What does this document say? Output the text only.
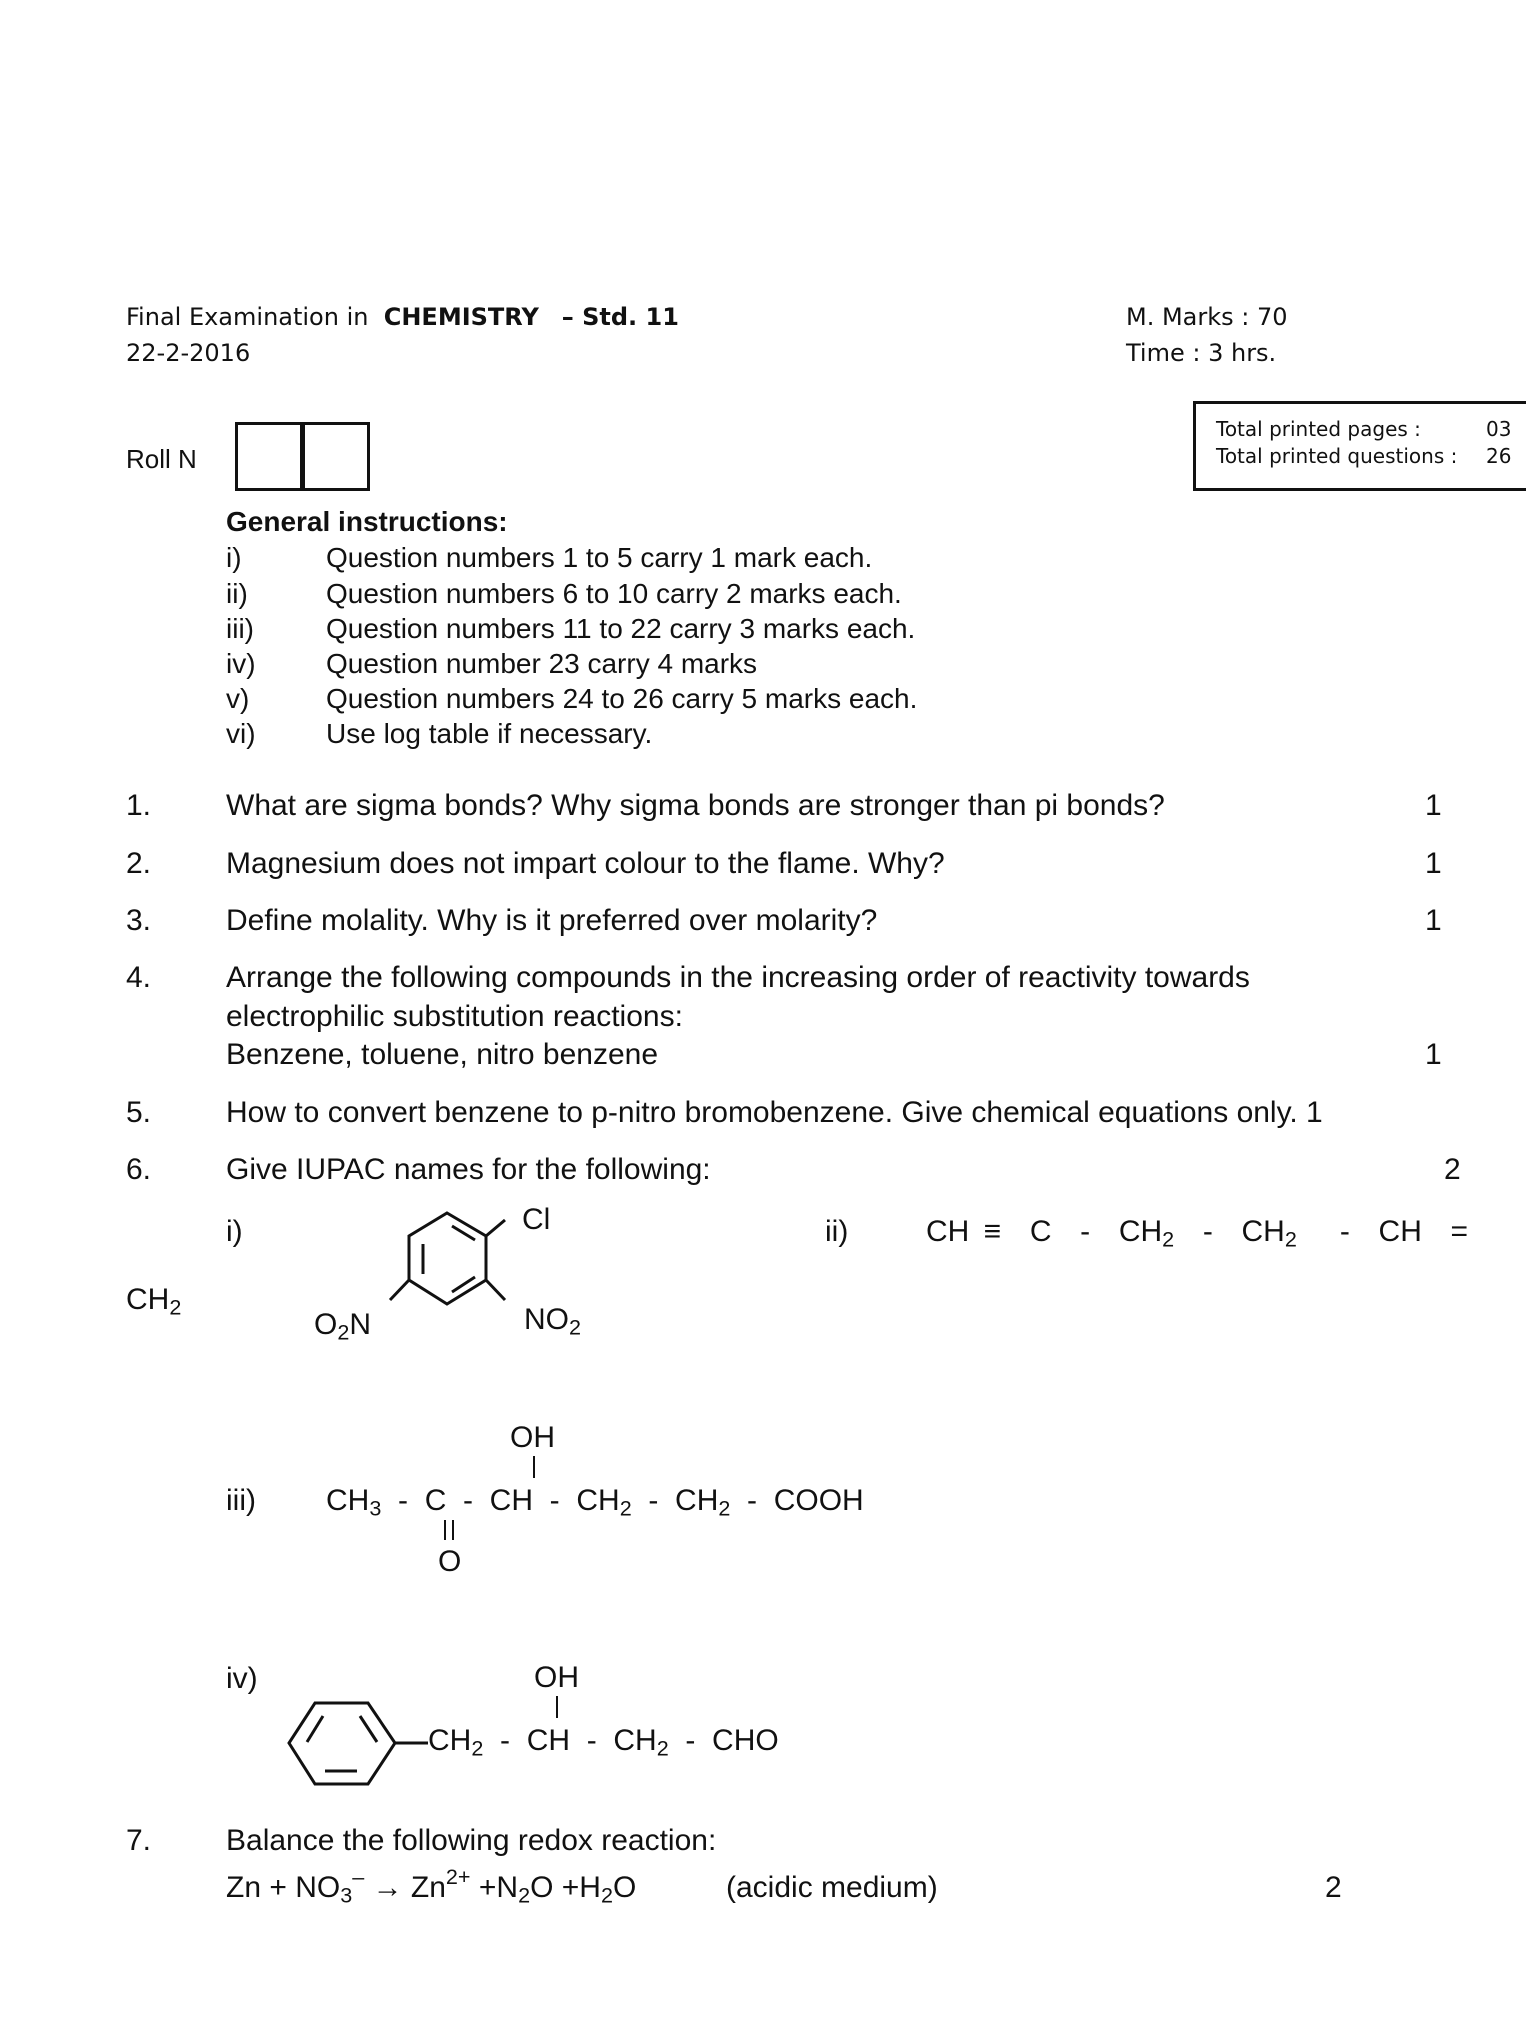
Final Examination in CHEMISTRY – Std. 11
22-2-2016
M. Marks : 70
Time : 3 hrs.
Roll N
Total printed pages :	03
Total printed questions : 26
General instructions:
i)	Question numbers 1 to 5 carry 1 mark each.
ii)	Question numbers 6 to 10 carry 2 marks each.
iii)	Question numbers 11 to 22 carry 3 marks each.
iv)	Question number 23 carry 4 marks
v)	Question numbers 24 to 26 carry 5 marks each.
vi)	Use log table if necessary.
1. What are sigma bonds? Why sigma bonds are stronger than pi bonds?	1
2. Magnesium does not impart colour to the flame. Why?	1
3. Define molality. Why is it preferred over molarity?	1
4. Arrange the following compounds in the increasing order of reactivity towards
electrophilic substitution reactions:
Benzene, toluene, nitro benzene	1
5. How to convert benzene to p-nitro bromobenzene. Give chemical equations only. 1
6. Give IUPAC names for the following:	2
i)	Cl
$O_2N$	$NO_2$
ii)	CH ≡  C  -  $CH_2 - CH_2$   -  CH  =
$CH_2$
OH
iii) $CH_3$  -  C  -  CH  -  $CH_2 - CH_2$  -  COOH
O
iv)	OH
$CH_2$  -  CH  -  $CH_2$  -  CHO
7. Balance the following redox reaction:
$Zn + NO_3^- \to Zn^{2+} +N_2O +H_2O$	(acidic medium)	2
